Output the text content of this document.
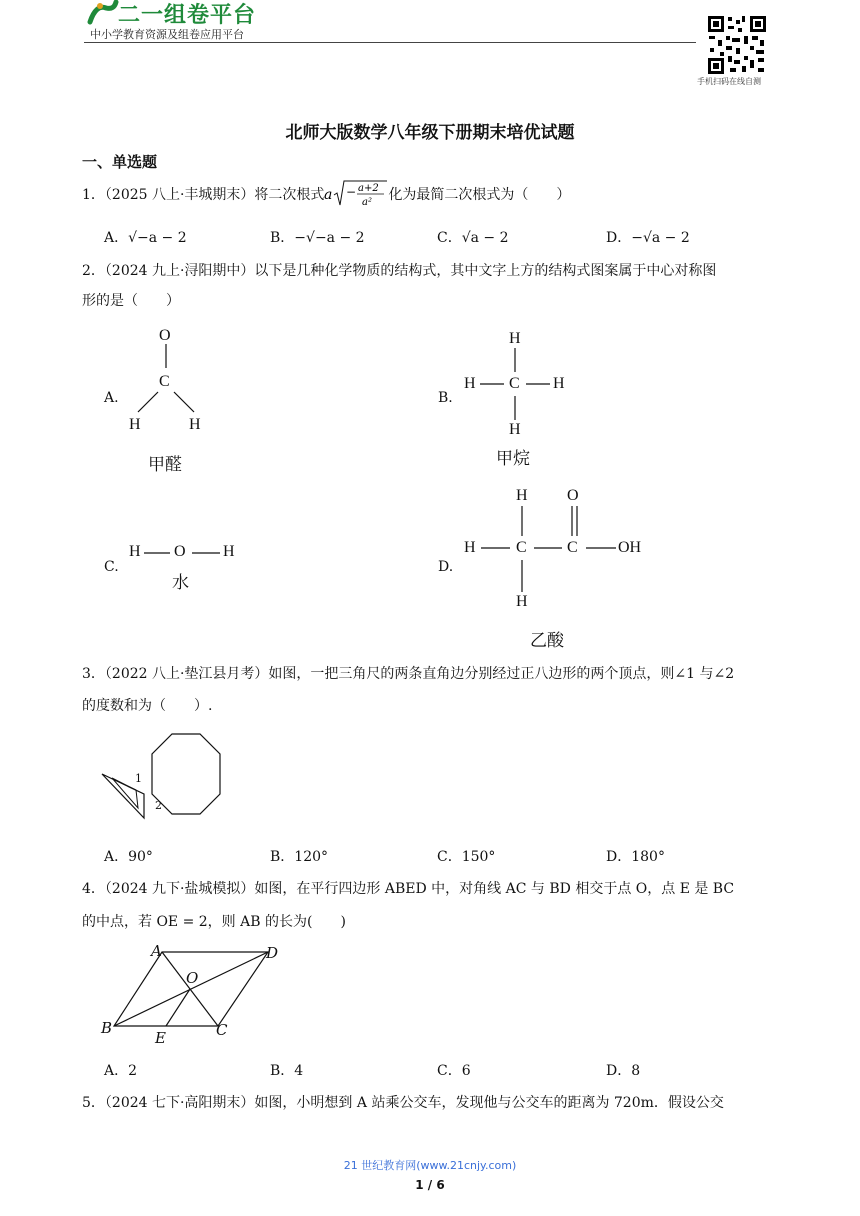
二一组卷平台
中小学教育资源及组卷应用平台
手机扫码在线自测
北师大版数学八年级下册期末培优试题
一、单选题
1．（2025 八上·丰城期末）将二次根式 a − a+2
a² 化为最简二次根式为（　　）
A．√−a − 2	B．−√−a − 2	C．√a − 2	D．−√a − 2
2．（2024 九上·浔阳期中）以下是几种化学物质的结构式，其中文字上方的结构式图案属于中心对称图
形的是（　　）
A.	B.
C.	D.
O
C
H	H
甲醛
H
H C H
H
甲烷
H O H
水
H O
H	C	C	OH
H
乙酸
3．（2022 八上·垫江县月考）如图，一把三角尺的两条直角边分别经过正八边形的两个顶点，则∠1 与∠2
的度数和为（　　）.
1
2
A．90°	B．120°	C．150°	D．180°
4．（2024 九下·盐城模拟）如图，在平行四边形 ABED 中，对角线 AC 与 BD 相交于点 O，点 E 是 BC
的中点，若 OE = 2，则 AB 的长为(　　)
A	D
O
B
E	C
A．2	B．4	C．6	D．8
5．（2024 七下·高阳期末）如图，小明想到 A 站乘公交车，发现他与公交车的距离为 720m．假设公交
21 世纪教育网(www.21cnjy.com)
1 / 6
